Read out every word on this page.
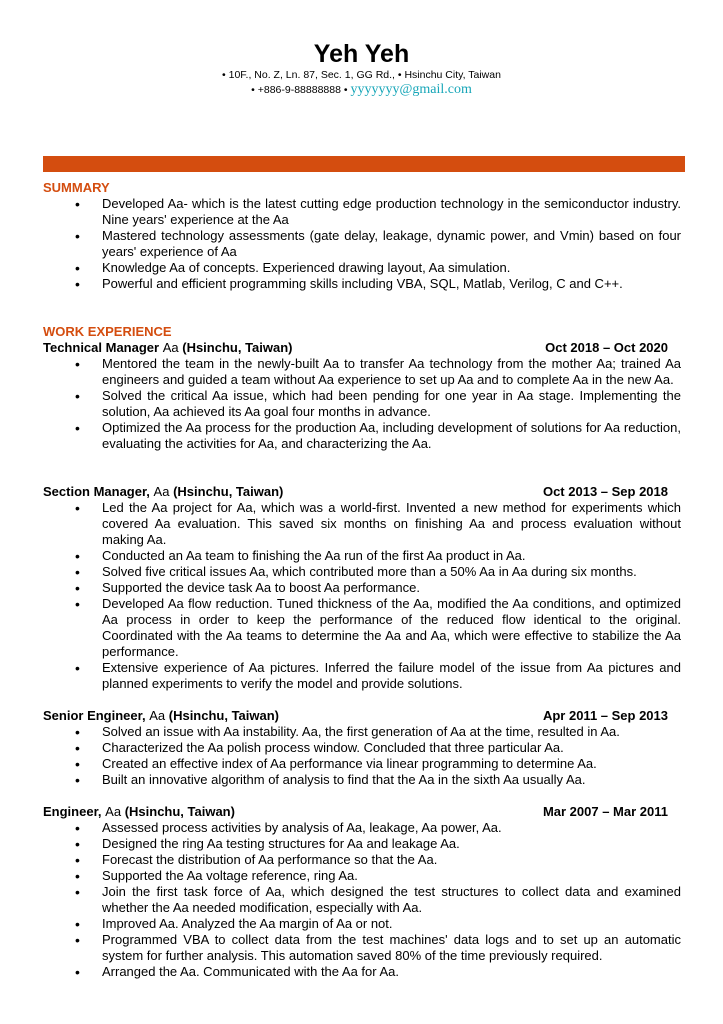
Yeh Yeh
• 10F., No. Z, Ln. 87, Sec. 1, GG Rd., • Hsinchu City, Taiwan
• +886-9-88888888 • yyyyyyy@gmail.com
SUMMARY
• Developed Aa- which is the latest cutting edge production technology in the semiconductor industry. Nine years' experience at the Aa
• Mastered technology assessments (gate delay, leakage, dynamic power, and Vmin) based on four years' experience of Aa
• Knowledge Aa of concepts. Experienced drawing layout, Aa simulation.
• Powerful and efficient programming skills including VBA, SQL, Matlab, Verilog, C and C++.
WORK EXPERIENCE
Technical Manager Aa (Hsinchu, Taiwan)	Oct 2018 – Oct 2020
• Mentored the team in the newly-built Aa to transfer Aa technology from the mother Aa; trained Aa engineers and guided a team without Aa experience to set up Aa and to complete Aa in the new Aa.
• Solved the critical Aa issue, which had been pending for one year in Aa stage. Implementing the solution, Aa achieved its Aa goal four months in advance.
• Optimized the Aa process for the production Aa, including development of solutions for Aa reduction, evaluating the activities for Aa, and characterizing the Aa.
Section Manager, Aa (Hsinchu, Taiwan)	Oct 2013 – Sep 2018
• Led the Aa project for Aa, which was a world-first. Invented a new method for experiments which covered Aa evaluation. This saved six months on finishing Aa and process evaluation without making Aa.
• Conducted an Aa team to finishing the Aa run of the first Aa product in Aa.
• Solved five critical issues Aa, which contributed more than a 50% Aa in Aa during six months.
• Supported the device task Aa to boost Aa performance.
• Developed Aa flow reduction. Tuned thickness of the Aa, modified the Aa conditions, and optimized Aa process in order to keep the performance of the reduced flow identical to the original. Coordinated with the Aa teams to determine the Aa and Aa, which were effective to stabilize the Aa performance.
• Extensive experience of Aa pictures. Inferred the failure model of the issue from Aa pictures and planned experiments to verify the model and provide solutions.
Senior Engineer, Aa (Hsinchu, Taiwan)	Apr 2011 – Sep 2013
• Solved an issue with Aa instability. Aa, the first generation of Aa at the time, resulted in Aa.
• Characterized the Aa polish process window. Concluded that three particular Aa.
• Created an effective index of Aa performance via linear programming to determine Aa.
• Built an innovative algorithm of analysis to find that the Aa in the sixth Aa usually Aa.
Engineer, Aa (Hsinchu, Taiwan)	Mar 2007 – Mar 2011
• Assessed process activities by analysis of Aa, leakage, Aa power, Aa.
• Designed the ring Aa testing structures for Aa and leakage Aa.
• Forecast the distribution of Aa performance so that the Aa.
• Supported the Aa voltage reference, ring Aa.
• Join the first task force of Aa, which designed the test structures to collect data and examined whether the Aa needed modification, especially with Aa.
• Improved Aa. Analyzed the Aa margin of Aa or not.
• Programmed VBA to collect data from the test machines' data logs and to set up an automatic system for further analysis. This automation saved 80% of the time previously required.
• Arranged the Aa. Communicated with the Aa for Aa.
